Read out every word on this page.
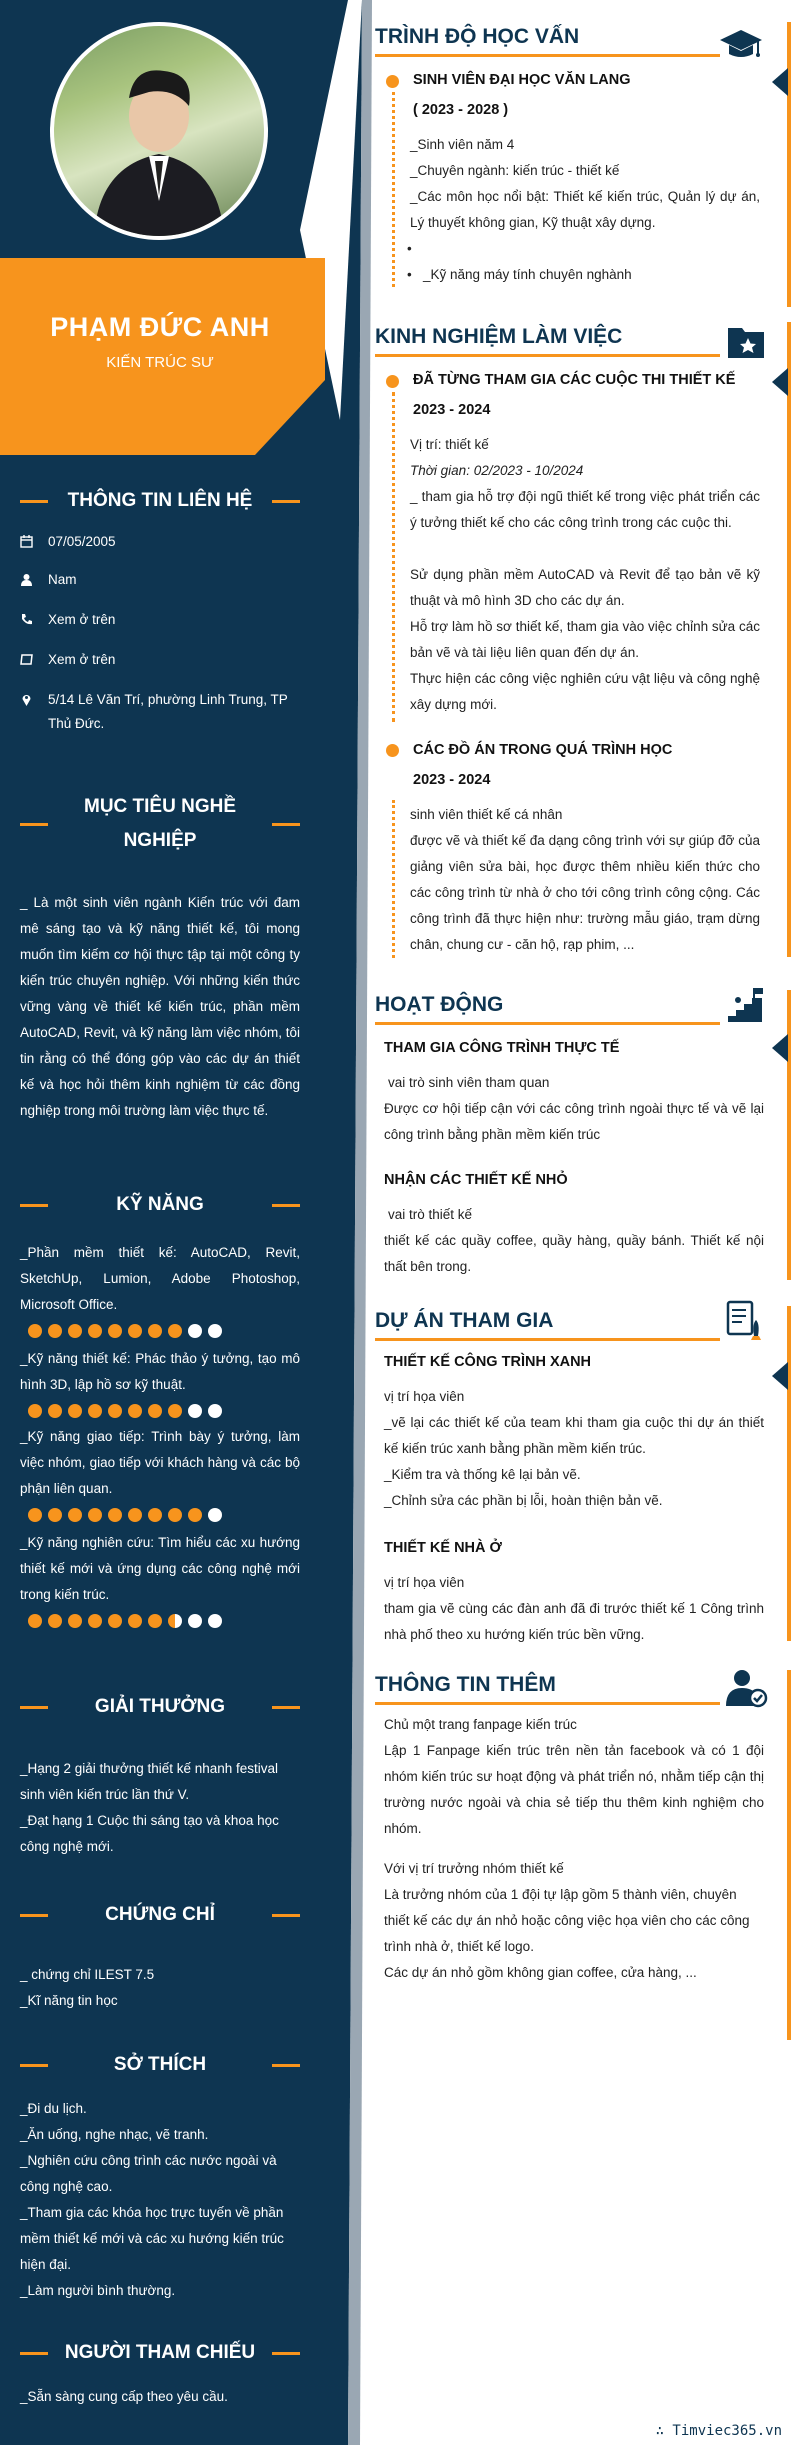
PHẠM ĐỨC ANH
KIẾN TRÚC SƯ
THÔNG TIN LIÊN HỆ
07/05/2005
Nam
Xem ở trên
Xem ở trên
5/14 Lê Văn Trí, phường Linh Trung, TP Thủ Đức.
MỤC TIÊU NGHỀ
NGHIỆP
_ Là một sinh viên ngành Kiến trúc với đam mê sáng tạo và kỹ năng thiết kế, tôi mong muốn tìm kiếm cơ hội thực tập tại một công ty kiến trúc chuyên nghiệp. Với những kiến thức vững vàng về thiết kế kiến trúc, phần mềm AutoCAD, Revit, và kỹ năng làm việc nhóm, tôi tin rằng có thể đóng góp vào các dự án thiết kế và học hỏi thêm kinh nghiệm từ các đồng nghiệp trong môi trường làm việc thực tế.
KỸ NĂNG
_Phần mềm thiết kế: AutoCAD, Revit, SketchUp, Lumion, Adobe Photoshop, Microsoft Office.
_Kỹ năng thiết kế: Phác thảo ý tưởng, tạo mô hình 3D, lập hồ sơ kỹ thuật.
_Kỹ năng giao tiếp: Trình bày ý tưởng, làm việc nhóm, giao tiếp với khách hàng và các bộ phận liên quan.
_Kỹ năng nghiên cứu: Tìm hiểu các xu hướng thiết kế mới và ứng dụng các công nghệ mới trong kiến trúc.
GIẢI THƯỞNG
_Hạng 2 giải thưởng thiết kế nhanh festival sinh viên kiến trúc lần thứ V.
_Đạt hạng 1 Cuộc thi sáng tạo và khoa học công nghệ mới.
CHỨNG CHỈ
_ chứng chỉ ILEST 7.5
_Kĩ năng tin học
SỞ THÍCH
_Đi du lịch.
_Ăn uống, nghe nhạc, vẽ tranh.
_Nghiên cứu công trình các nước ngoài và công nghệ cao.
_Tham gia các khóa học trực tuyến về phần mềm thiết kế mới và các xu hướng kiến trúc hiện đại.
_Làm người bình thường.
NGƯỜI THAM CHIẾU
_Sẵn sàng cung cấp theo yêu cầu.
TRÌNH ĐỘ HỌC VẤN
SINH VIÊN ĐẠI HỌC VĂN LANG
( 2023 - 2028 )
_Sinh viên năm 4
_Chuyên ngành: kiến trúc - thiết kế
_Các môn học nổi bật: Thiết kế kiến trúc, Quản lý dự án, Lý thuyết không gian, Kỹ thuật xây dựng.
•
•   _Kỹ năng máy tính chuyên nghành
KINH NGHIỆM LÀM VIỆC
ĐÃ TỪNG THAM GIA CÁC CUỘC THI THIẾT KẾ
2023 - 2024
Vị trí: thiết kế
Thời gian: 02/2023 - 10/2024
_ tham gia hỗ trợ đội ngũ thiết kế trong việc phát triển các ý tưởng thiết kế cho các công trình trong các cuộc thi.
Sử dụng phần mềm AutoCAD và Revit để tạo bản vẽ kỹ thuật và mô hình 3D cho các dự án.
Hỗ trợ làm hồ sơ thiết kế, tham gia vào việc chỉnh sửa các bản vẽ và tài liệu liên quan đến dự án.
Thực hiện các công việc nghiên cứu vật liệu và công nghệ xây dựng mới.
CÁC ĐỒ ÁN TRONG QUÁ TRÌNH HỌC
2023 - 2024
sinh viên thiết kế cá nhân
được vẽ và thiết kế đa dạng công trình với sự giúp đỡ của giảng viên sửa bài, học được thêm nhiều kiến thức cho các công trình từ nhà ở cho tới công trình công cộng. Các công trình đã thực hiện như: trường mẫu giáo, trạm dừng chân, chung cư - căn hộ, rạp phim, ...
HOẠT ĐỘNG
THAM GIA CÔNG TRÌNH THỰC TẾ
vai trò sinh viên tham quan
Được cơ hội tiếp cận với các công trình ngoài thực tế và vẽ lại công trình bằng phần mềm kiến trúc
NHẬN CÁC THIẾT KẾ NHỎ
vai trò thiết kế
thiết kế các quầy coffee, quầy hàng, quầy bánh. Thiết kế nội thất bên trong.
DỰ ÁN THAM GIA
THIẾT KẾ CÔNG TRÌNH XANH
vị trí họa viên
_vẽ lại các thiết kế của team khi tham gia cuộc thi dự án thiết kế kiến trúc xanh bằng phần mềm kiến trúc.
_Kiểm tra và thống kê lại bản vẽ.
_Chỉnh sửa các phần bị lỗi, hoàn thiện bản vẽ.
THIẾT KẾ NHÀ Ở
vị trí họa viên
tham gia vẽ cùng các đàn anh đã đi trước thiết kế 1 Công trình nhà phố theo xu hướng kiến trúc bền vững.
THÔNG TIN THÊM
Chủ một trang fanpage kiến trúc
Lập 1 Fanpage kiến trúc trên nền tản facebook và có 1 đội nhóm kiến trúc sư hoạt động và phát triển nó, nhằm tiếp cận thị trường nước ngoài và chia sẻ tiếp thu thêm kinh nghiệm cho nhóm.
Với vị trí trưởng nhóm thiết kế
Là trưởng nhóm của 1 đội tự lập gồm 5 thành viên, chuyên thiết kế các dự án nhỏ hoặc công việc họa viên cho các công trình nhà ở, thiết kế logo.
Các dự án nhỏ gồm không gian coffee, cửa hàng, ...
∴ Timviec365.vn
